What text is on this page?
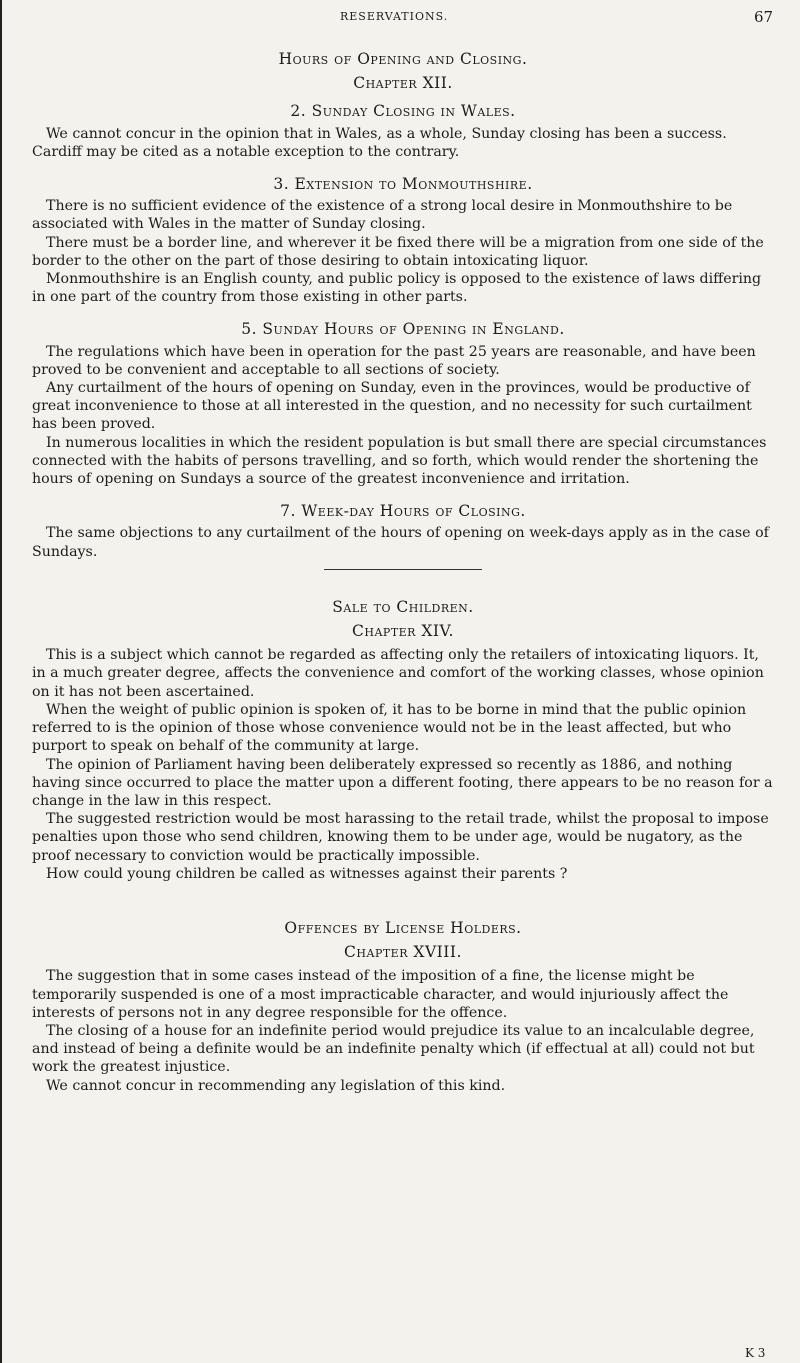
RESERVATIONS.	67
Hours of Opening and Closing.
Chapter XII.
2. Sunday Closing in Wales.

We cannot concur in the opinion that in Wales, as a whole, Sunday closing has been a success. Cardiff may be cited as a notable exception to the contrary.

3. Extension to Monmouthshire.

There is no sufficient evidence of the existence of a strong local desire in Monmouthshire to be associated with Wales in the matter of Sunday closing.

There must be a border line, and wherever it be fixed there will be a migration from one side of the border to the other on the part of those desiring to obtain intoxicating liquor.

Monmouthshire is an English county, and public policy is opposed to the existence of laws differing in one part of the country from those existing in other parts.

5. Sunday Hours of Opening in England.

The regulations which have been in operation for the past 25 years are reasonable, and have been proved to be convenient and acceptable to all sections of society.

Any curtailment of the hours of opening on Sunday, even in the provinces, would be productive of great inconvenience to those at all interested in the question, and no necessity for such curtailment has been proved.

In numerous localities in which the resident population is but small there are special circumstances connected with the habits of persons travelling, and so forth, which would render the shortening the hours of opening on Sundays a source of the greatest inconvenience and irritation.

7. Week-day Hours of Closing.

The same objections to any curtailment of the hours of opening on week-days apply as in the case of Sundays.

Sale to Children.
Chapter XIV.

This is a subject which cannot be regarded as affecting only the retailers of intoxicating liquors. It, in a much greater degree, affects the convenience and comfort of the working classes, whose opinion on it has not been ascertained.

When the weight of public opinion is spoken of, it has to be borne in mind that the public opinion referred to is the opinion of those whose convenience would not be in the least affected, but who purport to speak on behalf of the community at large.

The opinion of Parliament having been deliberately expressed so recently as 1886, and nothing having since occurred to place the matter upon a different footing, there appears to be no reason for a change in the law in this respect.

The suggested restriction would be most harassing to the retail trade, whilst the proposal to impose penalties upon those who send children, knowing them to be under age, would be nugatory, as the proof necessary to conviction would be practically impossible.

How could young children be called as witnesses against their parents ?

Offences by License Holders.
Chapter XVIII.

The suggestion that in some cases instead of the imposition of a fine, the license might be temporarily suspended is one of a most impracticable character, and would injuriously affect the interests of persons not in any degree responsible for the offence.

The closing of a house for an indefinite period would prejudice its value to an incalculable degree, and instead of being a definite would be an indefinite penalty which (if effectual at all) could not but work the greatest injustice.

We cannot concur in recommending any legislation of this kind.

K 3
